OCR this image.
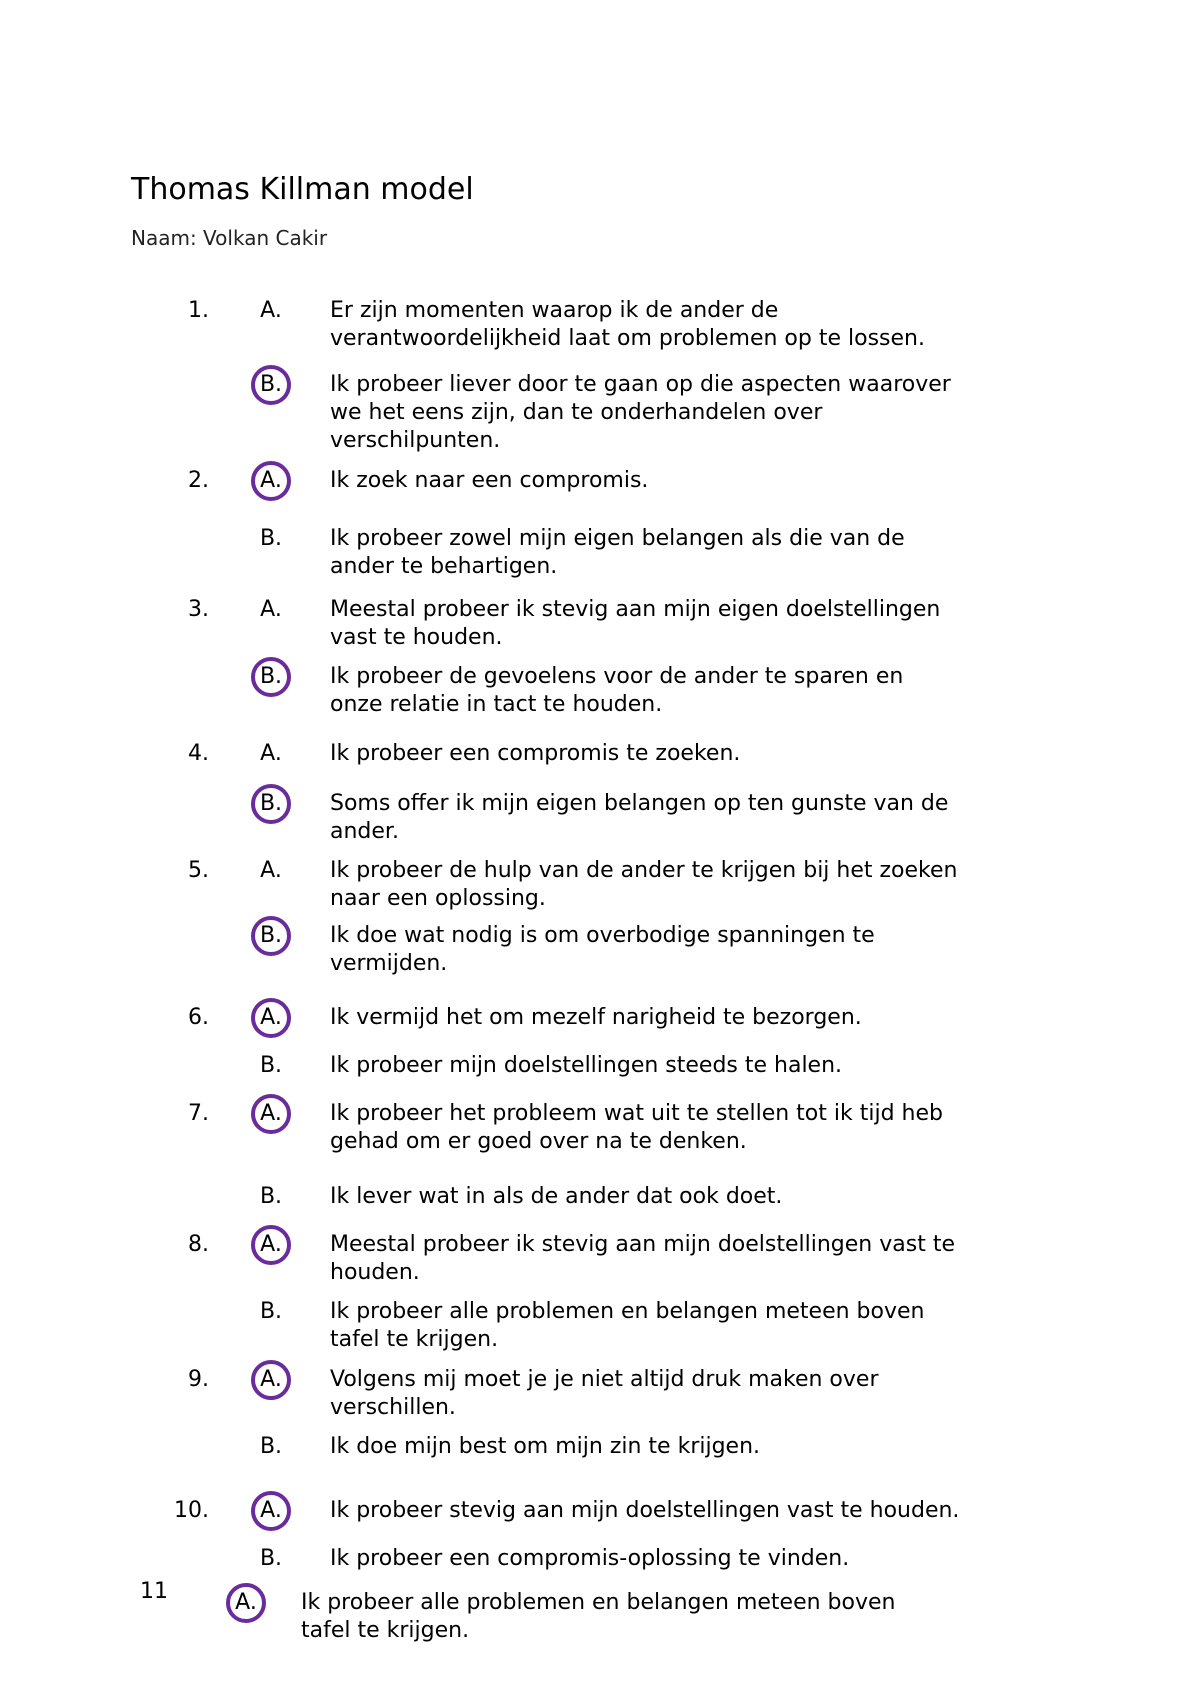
Thomas Killman model
Naam: Volkan Cakir
1.	A.	Er zijn momenten waarop ik de ander de
verantwoordelijkheid laat om problemen op te lossen.
B.	Ik probeer liever door te gaan op die aspecten waarover
we het eens zijn, dan te onderhandelen over
verschilpunten.
2.	A.	Ik zoek naar een compromis.
B.	Ik probeer zowel mijn eigen belangen als die van de
ander te behartigen.
3.	A.	Meestal probeer ik stevig aan mijn eigen doelstellingen
vast te houden.
B.	Ik probeer de gevoelens voor de ander te sparen en
onze relatie in tact te houden.
4.	A.	Ik probeer een compromis te zoeken.
B.	Soms offer ik mijn eigen belangen op ten gunste van de
ander.
5.	A.	Ik probeer de hulp van de ander te krijgen bij het zoeken
naar een oplossing.
B.	Ik doe wat nodig is om overbodige spanningen te
vermijden.
6.	A.	Ik vermijd het om mezelf narigheid te bezorgen.
B.	Ik probeer mijn doelstellingen steeds te halen.
7.	A.	Ik probeer het probleem wat uit te stellen tot ik tijd heb
gehad om er goed over na te denken.
B.	Ik lever wat in als de ander dat ook doet.
8.	A.	Meestal probeer ik stevig aan mijn doelstellingen vast te
houden.
B.	Ik probeer alle problemen en belangen meteen boven
tafel te krijgen.
9.	A.	Volgens mij moet je je niet altijd druk maken over
verschillen.
B.	Ik doe mijn best om mijn zin te krijgen.
10.	A.	Ik probeer stevig aan mijn doelstellingen vast te houden.
B.	Ik probeer een compromis-oplossing te vinden.
11	A.	Ik probeer alle problemen en belangen meteen boven
tafel te krijgen.
